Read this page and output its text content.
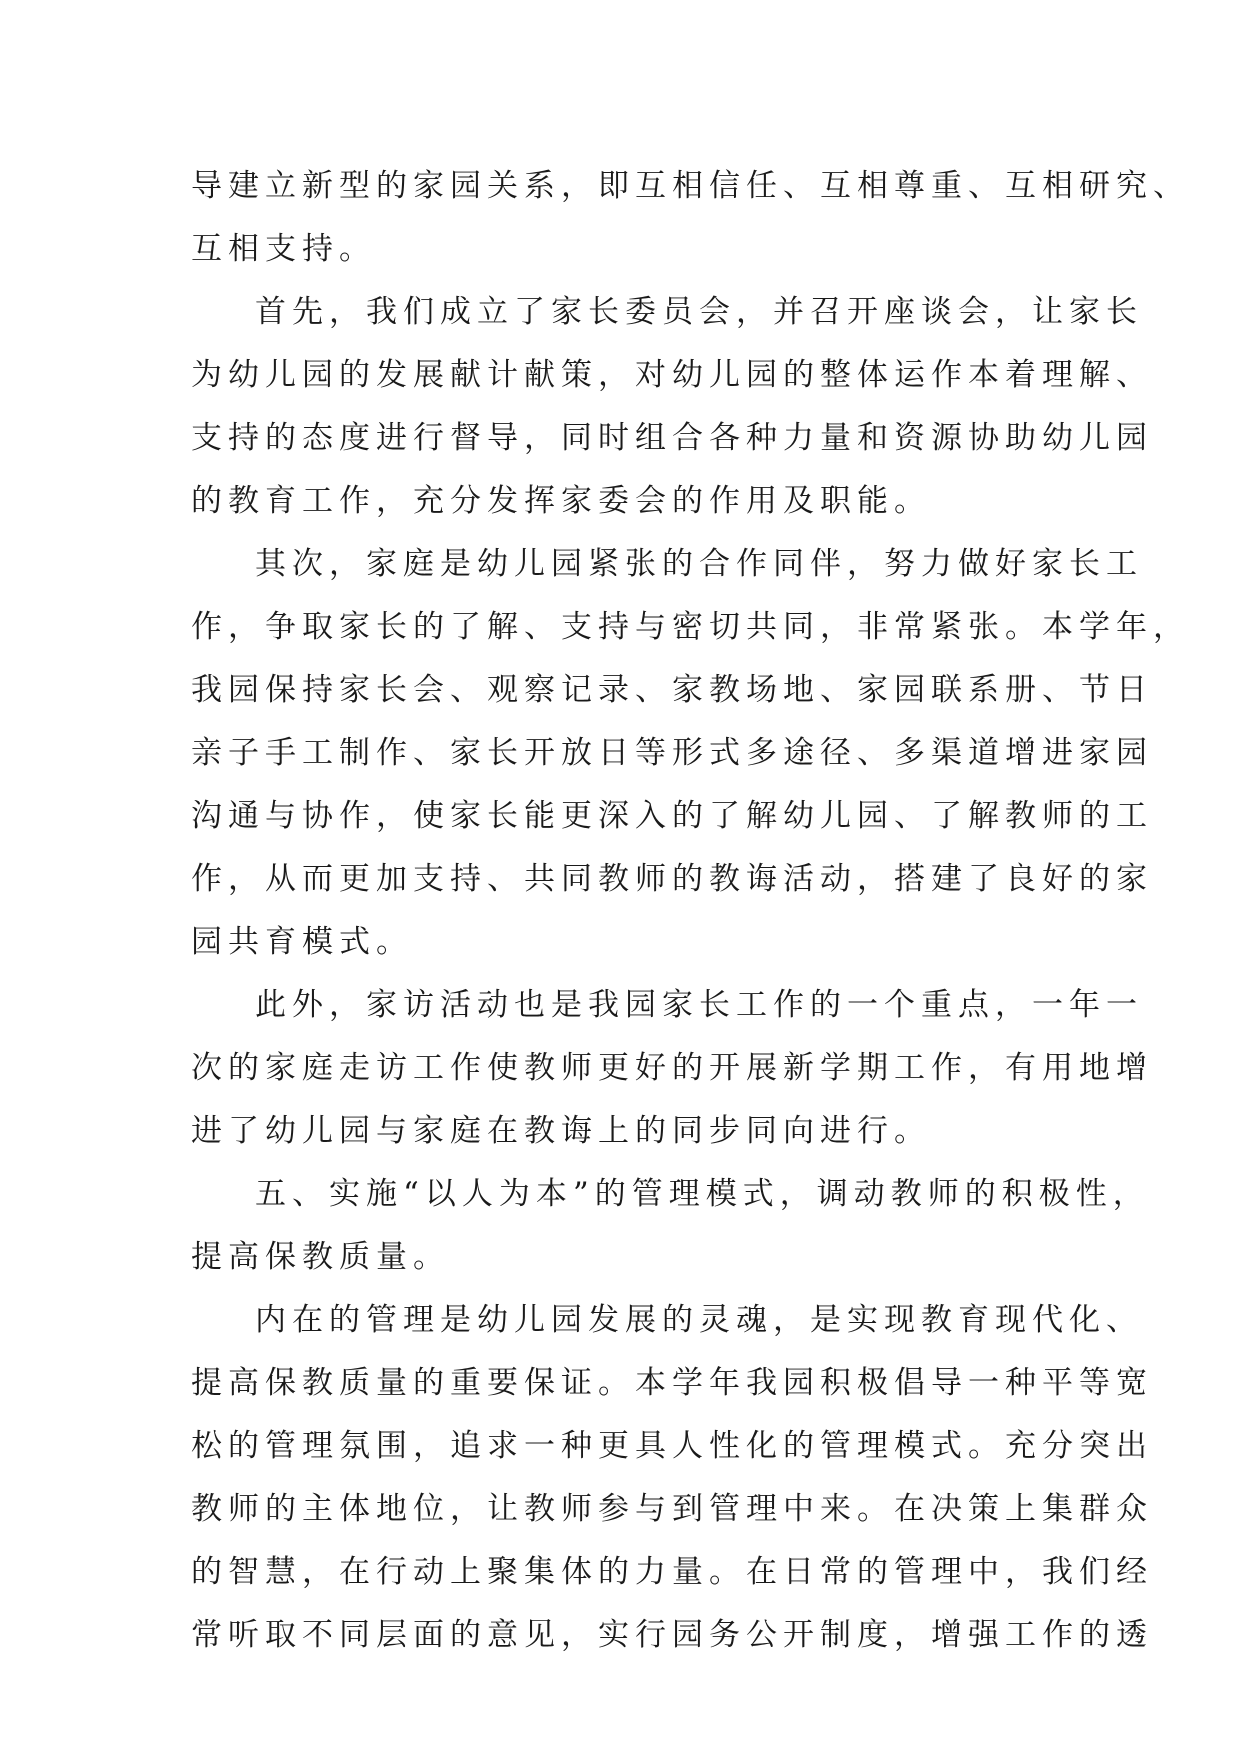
导建立新型的家园关系，即互相信任、互相尊重、互相研究、
互相支持。
首先，我们成立了家长委员会，并召开座谈会，让家长
为幼儿园的发展献计献策，对幼儿园的整体运作本着理解、
支持的态度进行督导，同时组合各种力量和资源协助幼儿园
的教育工作，充分发挥家委会的作用及职能。
其次，家庭是幼儿园紧张的合作同伴，努力做好家长工
作，争取家长的了解、支持与密切共同，非常紧张。本学年，
我园保持家长会、观察记录、家教场地、家园联系册、节日
亲子手工制作、家长开放日等形式多途径、多渠道增进家园
沟通与协作，使家长能更深入的了解幼儿园、了解教师的工
作，从而更加支持、共同教师的教诲活动，搭建了良好的家
园共育模式。
此外，家访活动也是我园家长工作的一个重点，一年一
次的家庭走访工作使教师更好的开展新学期工作，有用地增
进了幼儿园与家庭在教诲上的同步同向进行。
五、实施“以人为本”的管理模式，调动教师的积极性，
提高保教质量。
内在的管理是幼儿园发展的灵魂，是实现教育现代化、
提高保教质量的重要保证。本学年我园积极倡导一种平等宽
松的管理氛围，追求一种更具人性化的管理模式。充分突出
教师的主体地位，让教师参与到管理中来。在决策上集群众
的智慧，在行动上聚集体的力量。在日常的管理中，我们经
常听取不同层面的意见，实行园务公开制度，增强工作的透
